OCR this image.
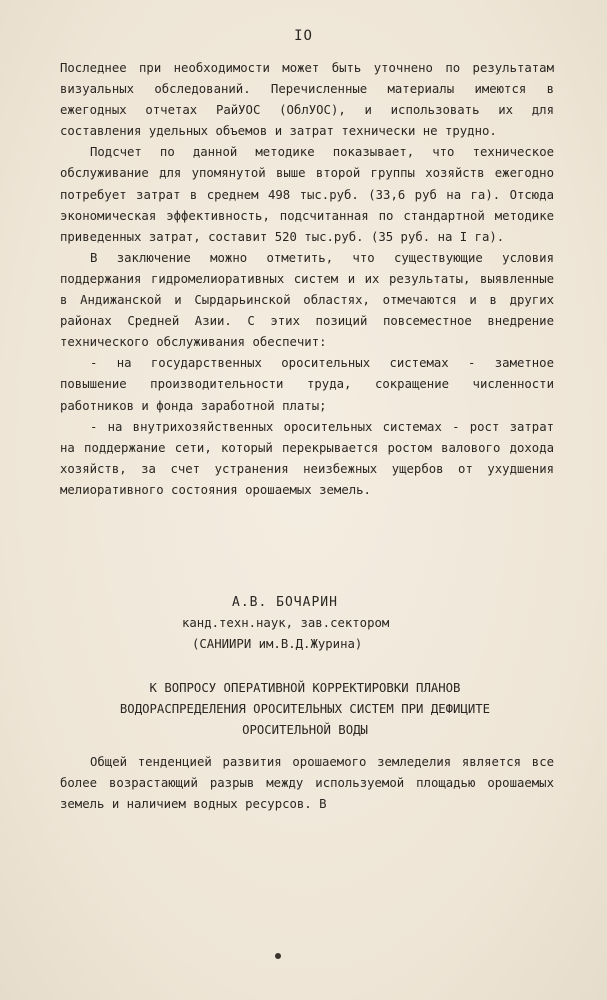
IO

Последнее при необходимости может быть уточнено по результатам визуальных обследований. Перечисленные материалы имеются в ежегодных отчетах РайУОС (ОблУОС), и использовать их для составления удельных объемов и затрат технически не трудно.

Подсчет по данной методике показывает, что техническое обслуживание для упомянутой выше второй группы хозяйств ежегодно потребует затрат в среднем 498 тыс.руб. (33,6 руб на га). Отсюда экономическая эффективность, подсчитанная по стандартной методике приведенных затрат, составит 520 тыс.руб. (35 руб. на I га).

В заключение можно отметить, что существующие условия поддержания гидромелиоративных систем и их результаты, выявленные в Андижанской и Сырдарьинской областях, отмечаются и в других районах Средней Азии. С этих позиций повсеместное внедрение технического обслуживания обеспечит:

- на государственных оросительных системах - заметное повышение производительности труда, сокращение численности работников и фонда заработной платы;

- на внутрихозяйственных оросительных системах - рост затрат на поддержание сети, который перекрывается ростом валового дохода хозяйств, за счет устранения неизбежных ущербов от ухудшения мелиоративного состояния орошаемых земель.

А.В. БОЧАРИН
канд.техн.наук, зав.сектором
(САНИИРИ им.В.Д.Журина)
К ВОПРОСУ ОПЕРАТИВНОЙ КОРРЕКТИРОВКИ ПЛАНОВ ВОДОРАСПРЕДЕЛЕНИЯ ОРОСИТЕЛЬНЫХ СИСТЕМ ПРИ ДЕФИЦИТЕ ОРОСИТЕЛЬНОЙ ВОДЫ

Общей тенденцией развития орошаемого земледелия является все более возрастающий разрыв между используемой площадью орошаемых земель и наличием водных ресурсов. В
